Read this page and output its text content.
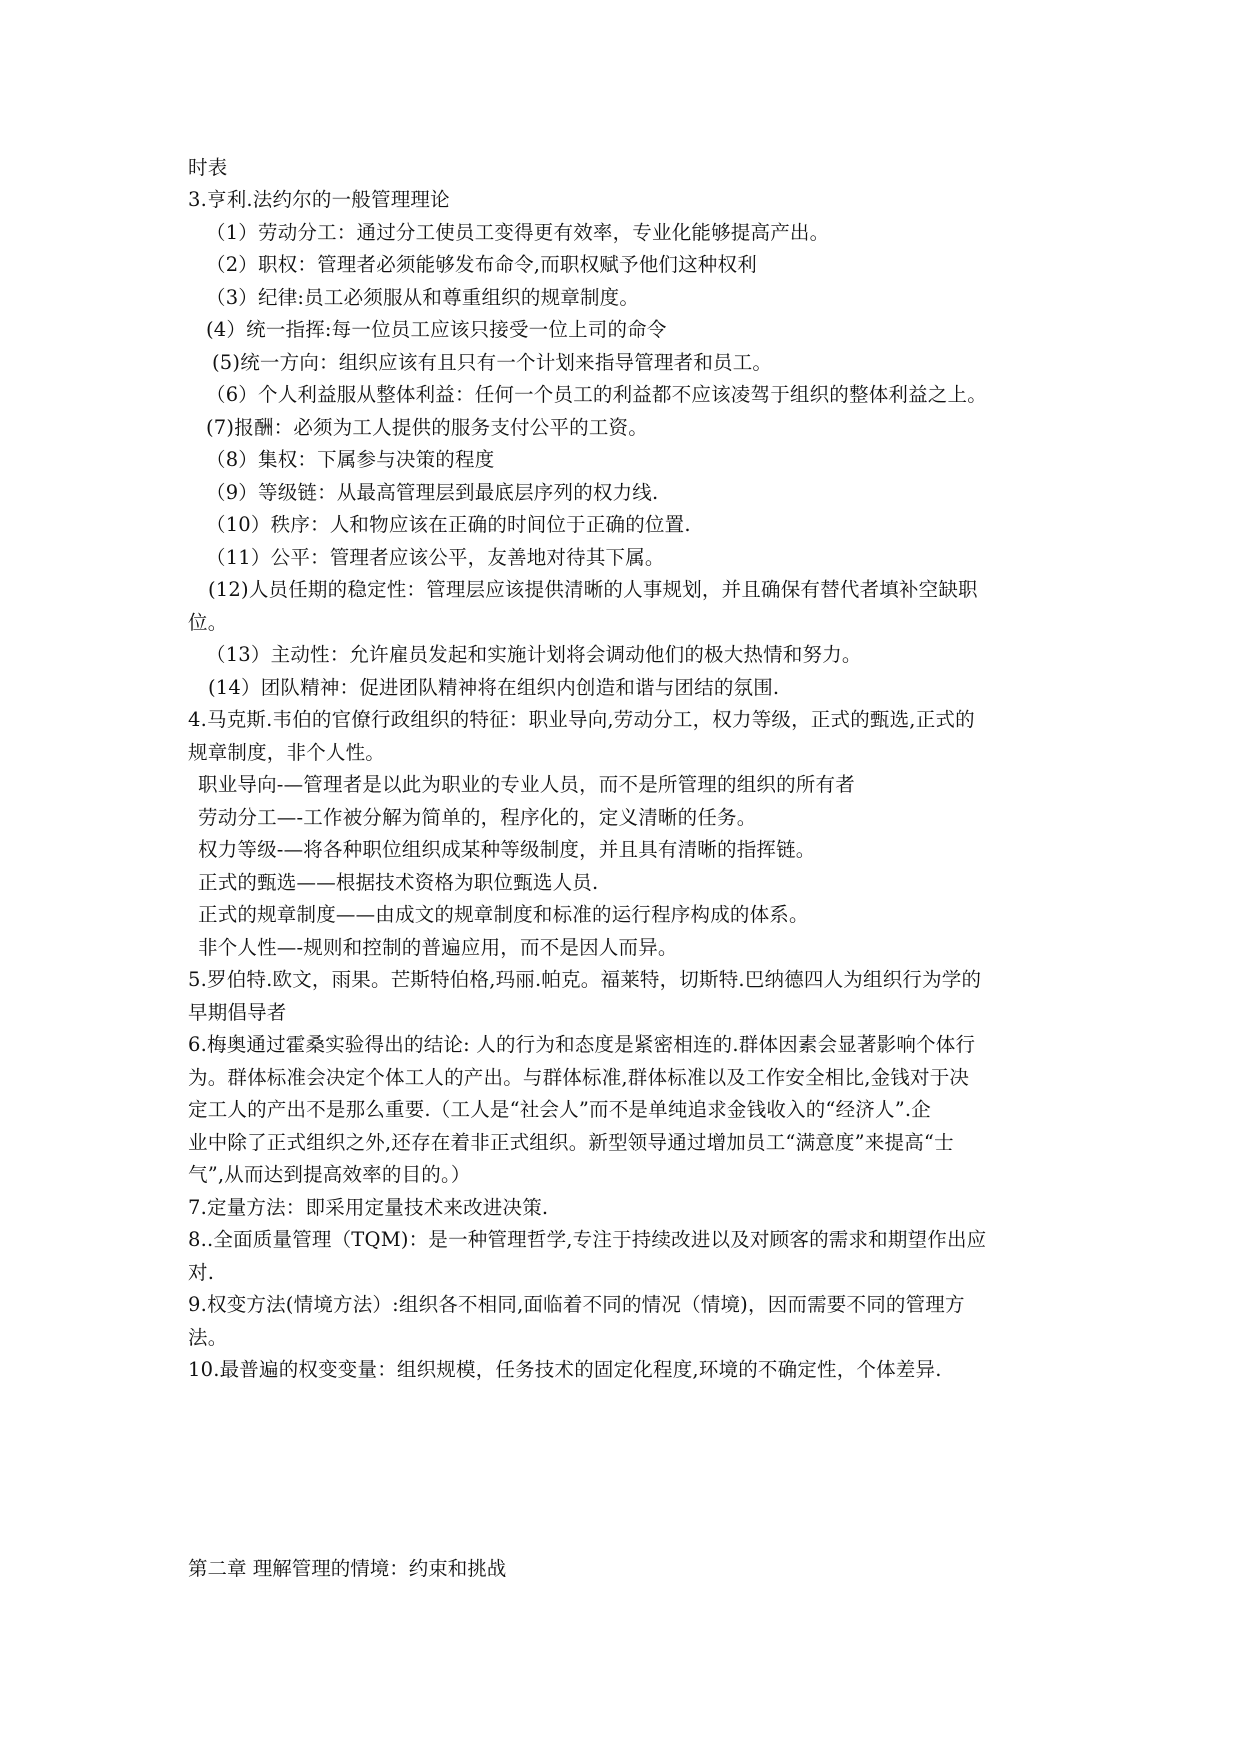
时表
3.亨利.法约尔的一般管理理论
（1）劳动分工：通过分工使员工变得更有效率，专业化能够提高产出。
（2）职权：管理者必须能够发布命令,而职权赋予他们这种权利
（3）纪律:员工必须服从和尊重组织的规章制度。
(4）统一指挥:每一位员工应该只接受一位上司的命令
(5)统一方向：组织应该有且只有一个计划来指导管理者和员工。
（6）个人利益服从整体利益：任何一个员工的利益都不应该凌驾于组织的整体利益之上。
(7)报酬：必须为工人提供的服务支付公平的工资。
（8）集权：下属参与决策的程度
（9）等级链：从最高管理层到最底层序列的权力线.
（10）秩序：人和物应该在正确的时间位于正确的位置.
（11）公平：管理者应该公平，友善地对待其下属。
(12)人员任期的稳定性：管理层应该提供清晰的人事规划，并且确保有替代者填补空缺职
位。
（13）主动性：允许雇员发起和实施计划将会调动他们的极大热情和努力。
(14）团队精神：促进团队精神将在组织内创造和谐与团结的氛围.
4.马克斯.韦伯的官僚行政组织的特征：职业导向,劳动分工，权力等级，正式的甄选,正式的
规章制度，非个人性。
职业导向-—管理者是以此为职业的专业人员，而不是所管理的组织的所有者
劳动分工—-工作被分解为简单的，程序化的，定义清晰的任务。
权力等级-—将各种职位组织成某种等级制度，并且具有清晰的指挥链。
正式的甄选——根据技术资格为职位甄选人员.
正式的规章制度——由成文的规章制度和标准的运行程序构成的体系。
非个人性—-规则和控制的普遍应用，而不是因人而异。
5.罗伯特.欧文，雨果。芒斯特伯格,玛丽.帕克。福莱特，切斯特.巴纳德四人为组织行为学的
早期倡导者
6.梅奥通过霍桑实验得出的结论: 人的行为和态度是紧密相连的.群体因素会显著影响个体行
为。群体标准会决定个体工人的产出。与群体标准,群体标准以及工作安全相比,金钱对于决
定工人的产出不是那么重要.（工人是“社会人”而不是单纯追求金钱收入的“经济人”.企
业中除了正式组织之外,还存在着非正式组织。新型领导通过增加员工“满意度”来提高“士
气”,从而达到提高效率的目的。）
7.定量方法：即采用定量技术来改进决策.
8..全面质量管理（TQM)：是一种管理哲学,专注于持续改进以及对顾客的需求和期望作出应
对.
9.权变方法(情境方法）:组织各不相同,面临着不同的情况（情境)，因而需要不同的管理方
法。
10.最普遍的权变变量：组织规模，任务技术的固定化程度,环境的不确定性，个体差异.
第二章 理解管理的情境：约束和挑战
